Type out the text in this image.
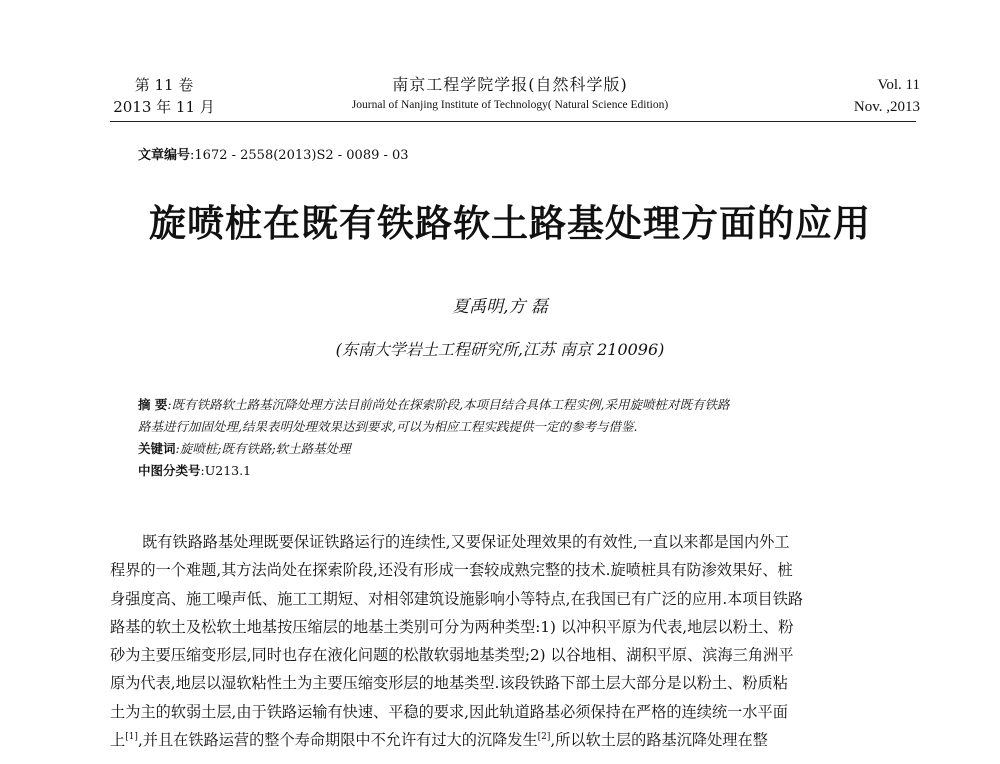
第 11 卷
2013 年 11 月
南京工程学院学报(自然科学版)
Journal of Nanjing Institute of Technology( Natural Science Edition)
Vol. 11
Nov. ,2013
文章编号:1672 - 2558(2013)S2 - 0089 - 03
旋喷桩在既有铁路软土路基处理方面的应用
夏禹明,方 磊
(东南大学岩土工程研究所,江苏 南京 210096)
摘 要:既有铁路软土路基沉降处理方法目前尚处在探索阶段,本项目结合具体工程实例,采用旋喷桩对既有铁路
路基进行加固处理,结果表明处理效果达到要求,可以为相应工程实践提供一定的参考与借鉴.
关键词:旋喷桩;既有铁路;软土路基处理
中图分类号:U213.1
既有铁路路基处理既要保证铁路运行的连续性,又要保证处理效果的有效性,一直以来都是国内外工
程界的一个难题,其方法尚处在探索阶段,还没有形成一套较成熟完整的技术.旋喷桩具有防渗效果好、桩
身强度高、施工噪声低、施工工期短、对相邻建筑设施影响小等特点,在我国已有广泛的应用.本项目铁路
路基的软土及松软土地基按压缩层的地基土类别可分为两种类型:1) 以冲积平原为代表,地层以粉土、粉
砂为主要压缩变形层,同时也存在液化问题的松散软弱地基类型;2) 以谷地相、湖积平原、滨海三角洲平
原为代表,地层以湿软粘性土为主要压缩变形层的地基类型.该段铁路下部土层大部分是以粉土、粉质粘
土为主的软弱土层,由于铁路运输有快速、平稳的要求,因此轨道路基必须保持在严格的连续统一水平面
上[1],并且在铁路运营的整个寿命期限中不允许有过大的沉降发生[2],所以软土层的路基沉降处理在整
